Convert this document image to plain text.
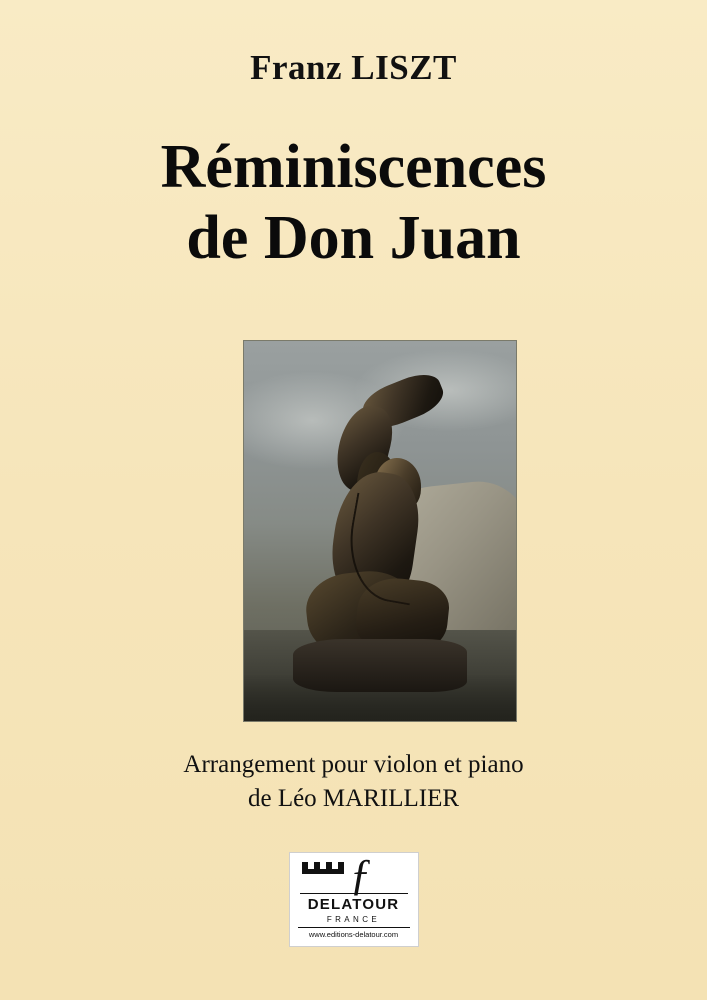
Franz LISZT
Réminiscences
de Don Juan
Arrangement pour violon et piano
de Léo MARILLIER
ƒ
DELATOUR
FRANCE
www.editions-delatour.com
